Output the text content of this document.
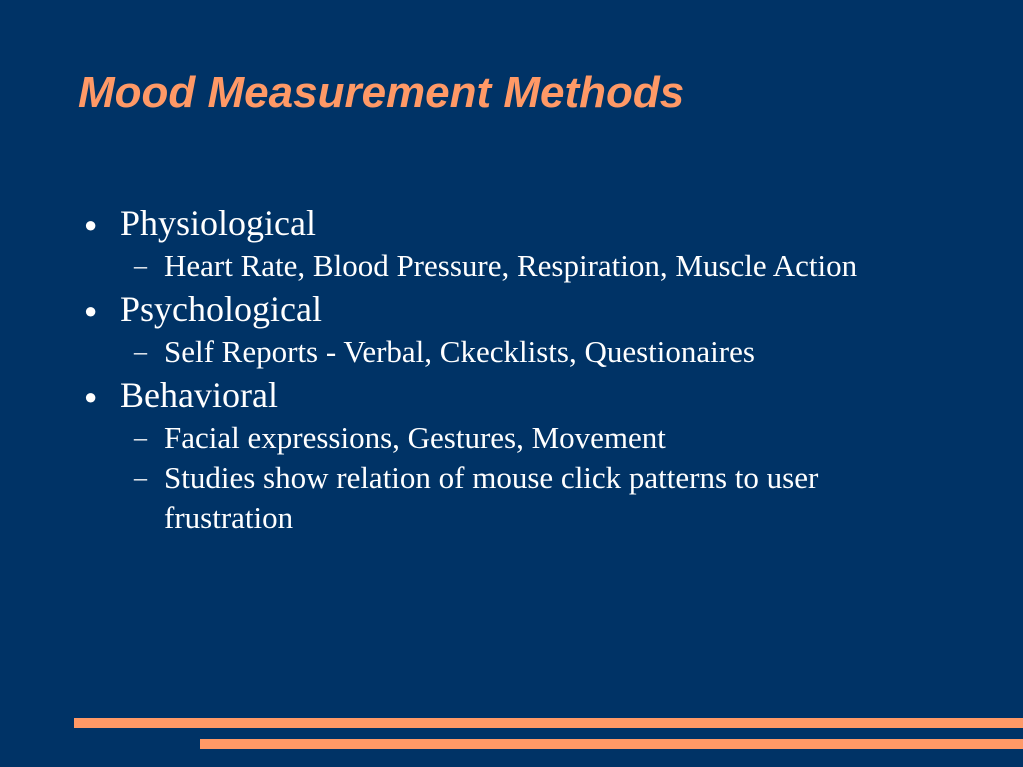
Mood Measurement Methods
● Physiological
– Heart Rate, Blood Pressure, Respiration, Muscle Action
● Psychological
– Self Reports - Verbal, Ckecklists, Questionaires
● Behavioral
– Facial expressions, Gestures, Movement
– Studies show relation of mouse click patterns to user frustration
